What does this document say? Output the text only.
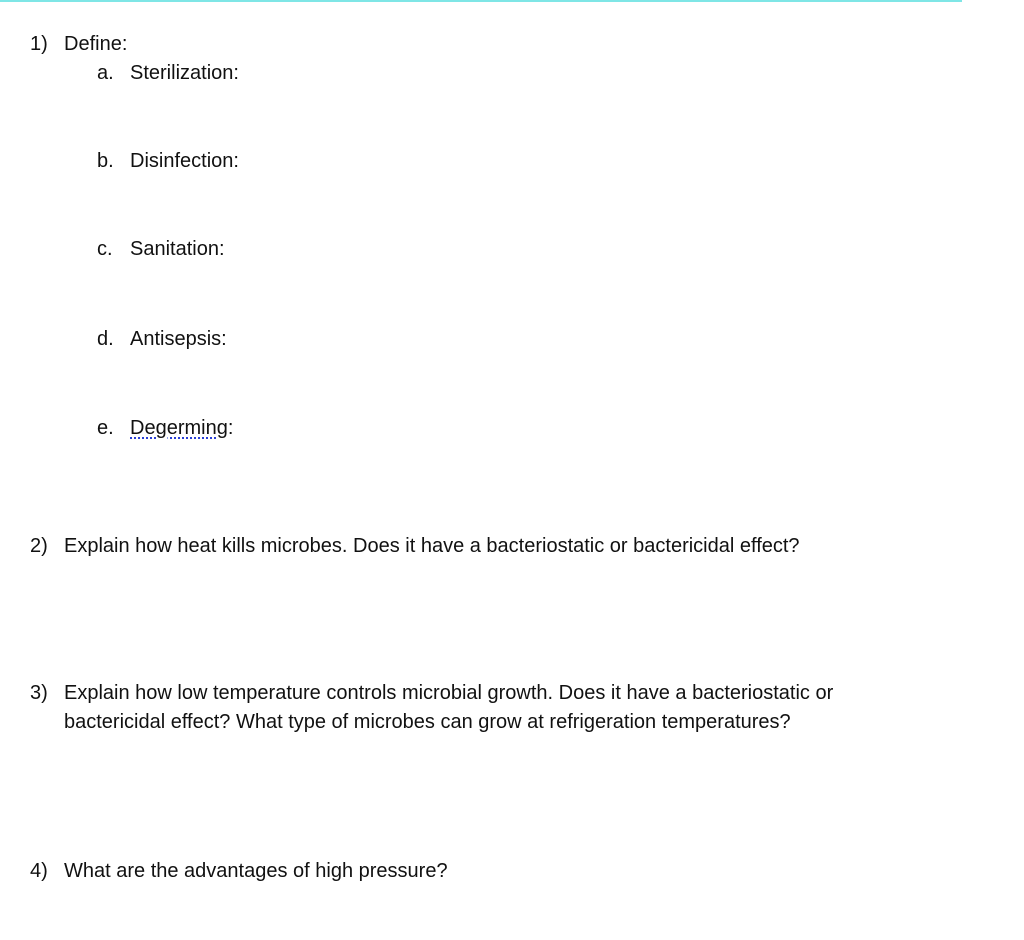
1) Define:
a. Sterilization:
b. Disinfection:
c. Sanitation:
d. Antisepsis:
e. Degerming:
2) Explain how heat kills microbes. Does it have a bacteriostatic or bactericidal effect?
3) Explain how low temperature controls microbial growth. Does it have a bacteriostatic or bactericidal effect? What type of microbes can grow at refrigeration temperatures?
4) What are the advantages of high pressure?
